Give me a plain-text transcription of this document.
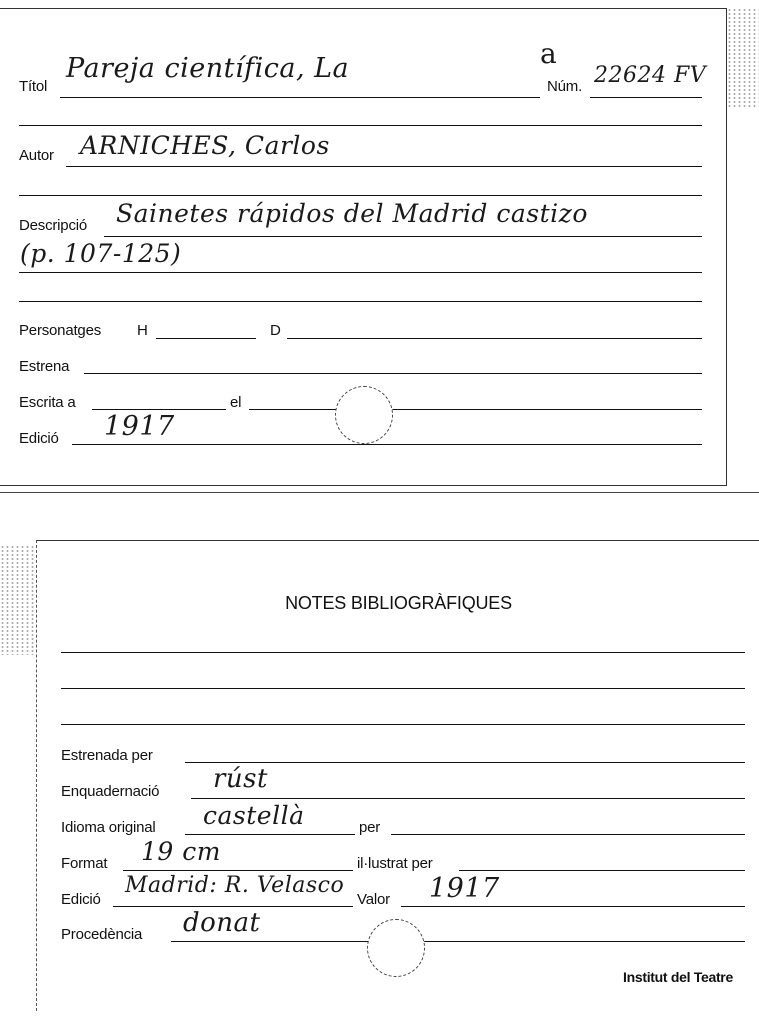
Títol
Pareja científica, La	a
Núm. 22624 FV
Autor ARNICHES, Carlos
Descripció Sainetes rápidos del Madrid castizo
(p. 107-125)
Personatges H	D
Estrena
Escrita a	el
Edició 1917
NOTES BIBLIOGRÀFIQUES
Estrenada per
Enquadernació rúst
Idioma original castellà	per
Format 19 cm	il·lustrat per
Edició
Madrid: R. Velasco
Valor 1917
Procedència donat
Institut del Teatre
